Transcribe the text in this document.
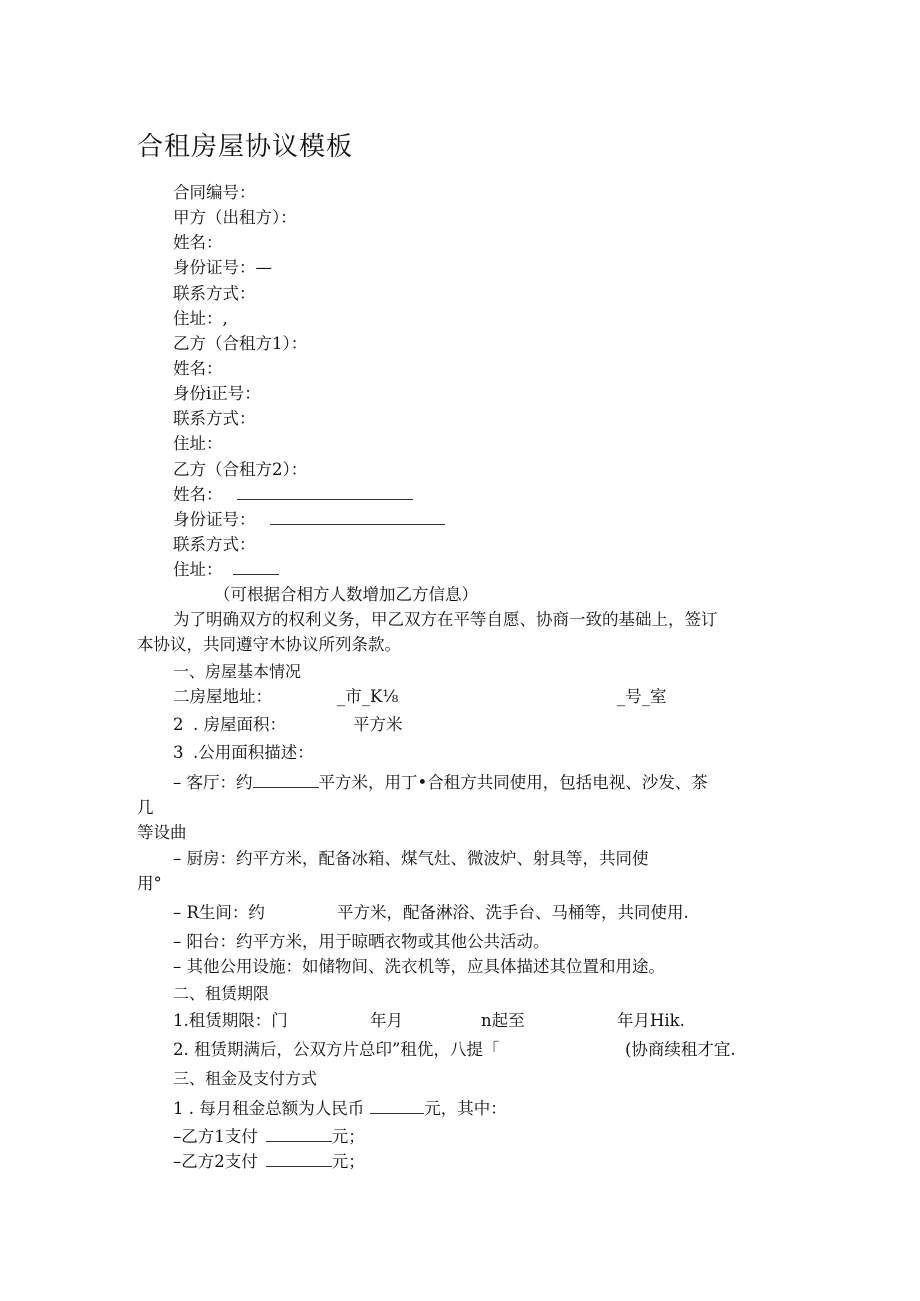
合租房屋协议模板
合同编号：
甲方（出租方）：
姓名：
身份证号：—
联系方式：
住址：,
乙方（合租方1）：
姓名：
身份i正号：
联系方式：
住址：
乙方（合租方2）：
姓名：
身份证号：
联系方式：
住址：
（可根据合相方人数增加乙方信息）
为了明确双方的权利义务，甲乙双方在平等自愿、协商一致的基础上，签订
本协议，共同遵守木协议所列条款。
一、房屋基本情况
二房屋地址：	_市_K⅛	_号_室
2 . 房屋面积：	平方米
3 .公用面积描述：
– 客厅：约	平方米，用丁•合租方共同使用，包括电视、沙发、茶
几
等设曲
– 厨房：约平方米，配备冰箱、煤气灶、微波炉、射具等，共同使
用°
– R生间：约	平方米，配备淋浴、洗手台、马桶等，共同使用.
– 阳台：约平方米，用于晾晒衣物或其他公共活动。
– 其他公用设施：如储物间、洗衣机等，应具体描述其位置和用途。
二、租赁期限
1.租赁期限：门	年月	n起至	年月Hik.
2. 租赁期满后，公双方片总印”租优，八提「	(协商续租才宜.
三、租金及支付方式
1 . 每月租金总额为人民币	元，其中：
–乙方1支付	元；
–乙方2支付	元；
